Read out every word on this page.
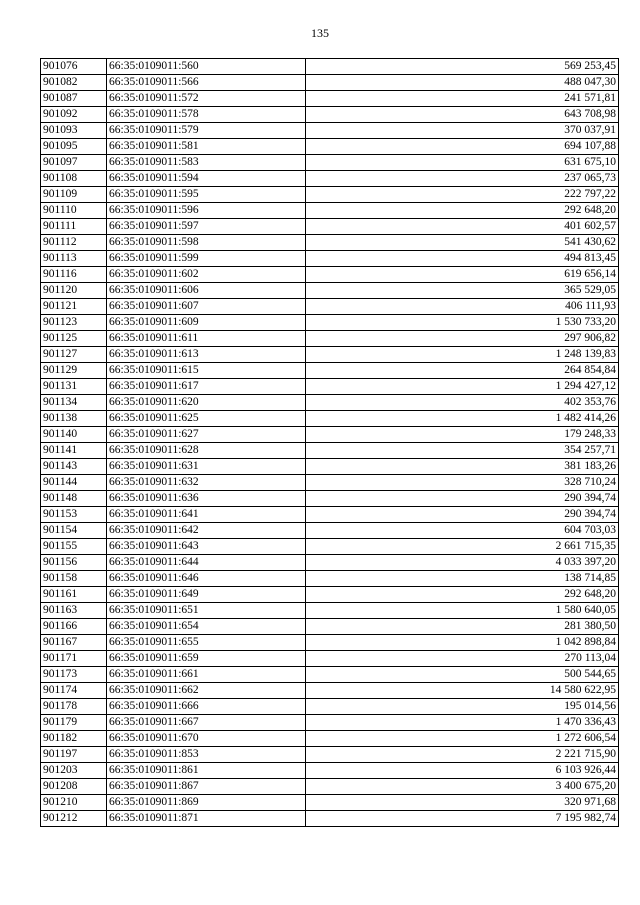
135
901076	66:35:0109011:560	569 253,45
901082	66:35:0109011:566	488 047,30
901087	66:35:0109011:572	241 571,81
901092	66:35:0109011:578	643 708,98
901093	66:35:0109011:579	370 037,91
901095	66:35:0109011:581	694 107,88
901097	66:35:0109011:583	631 675,10
901108	66:35:0109011:594	237 065,73
901109	66:35:0109011:595	222 797,22
901110	66:35:0109011:596	292 648,20
901111	66:35:0109011:597	401 602,57
901112	66:35:0109011:598	541 430,62
901113	66:35:0109011:599	494 813,45
901116	66:35:0109011:602	619 656,14
901120	66:35:0109011:606	365 529,05
901121	66:35:0109011:607	406 111,93
901123	66:35:0109011:609	1 530 733,20
901125	66:35:0109011:611	297 906,82
901127	66:35:0109011:613	1 248 139,83
901129	66:35:0109011:615	264 854,84
901131	66:35:0109011:617	1 294 427,12
901134	66:35:0109011:620	402 353,76
901138	66:35:0109011:625	1 482 414,26
901140	66:35:0109011:627	179 248,33
901141	66:35:0109011:628	354 257,71
901143	66:35:0109011:631	381 183,26
901144	66:35:0109011:632	328 710,24
901148	66:35:0109011:636	290 394,74
901153	66:35:0109011:641	290 394,74
901154	66:35:0109011:642	604 703,03
901155	66:35:0109011:643	2 661 715,35
901156	66:35:0109011:644	4 033 397,20
901158	66:35:0109011:646	138 714,85
901161	66:35:0109011:649	292 648,20
901163	66:35:0109011:651	1 580 640,05
901166	66:35:0109011:654	281 380,50
901167	66:35:0109011:655	1 042 898,84
901171	66:35:0109011:659	270 113,04
901173	66:35:0109011:661	500 544,65
901174	66:35:0109011:662	14 580 622,95
901178	66:35:0109011:666	195 014,56
901179	66:35:0109011:667	1 470 336,43
901182	66:35:0109011:670	1 272 606,54
901197	66:35:0109011:853	2 221 715,90
901203	66:35:0109011:861	6 103 926,44
901208	66:35:0109011:867	3 400 675,20
901210	66:35:0109011:869	320 971,68
901212	66:35:0109011:871	7 195 982,74
